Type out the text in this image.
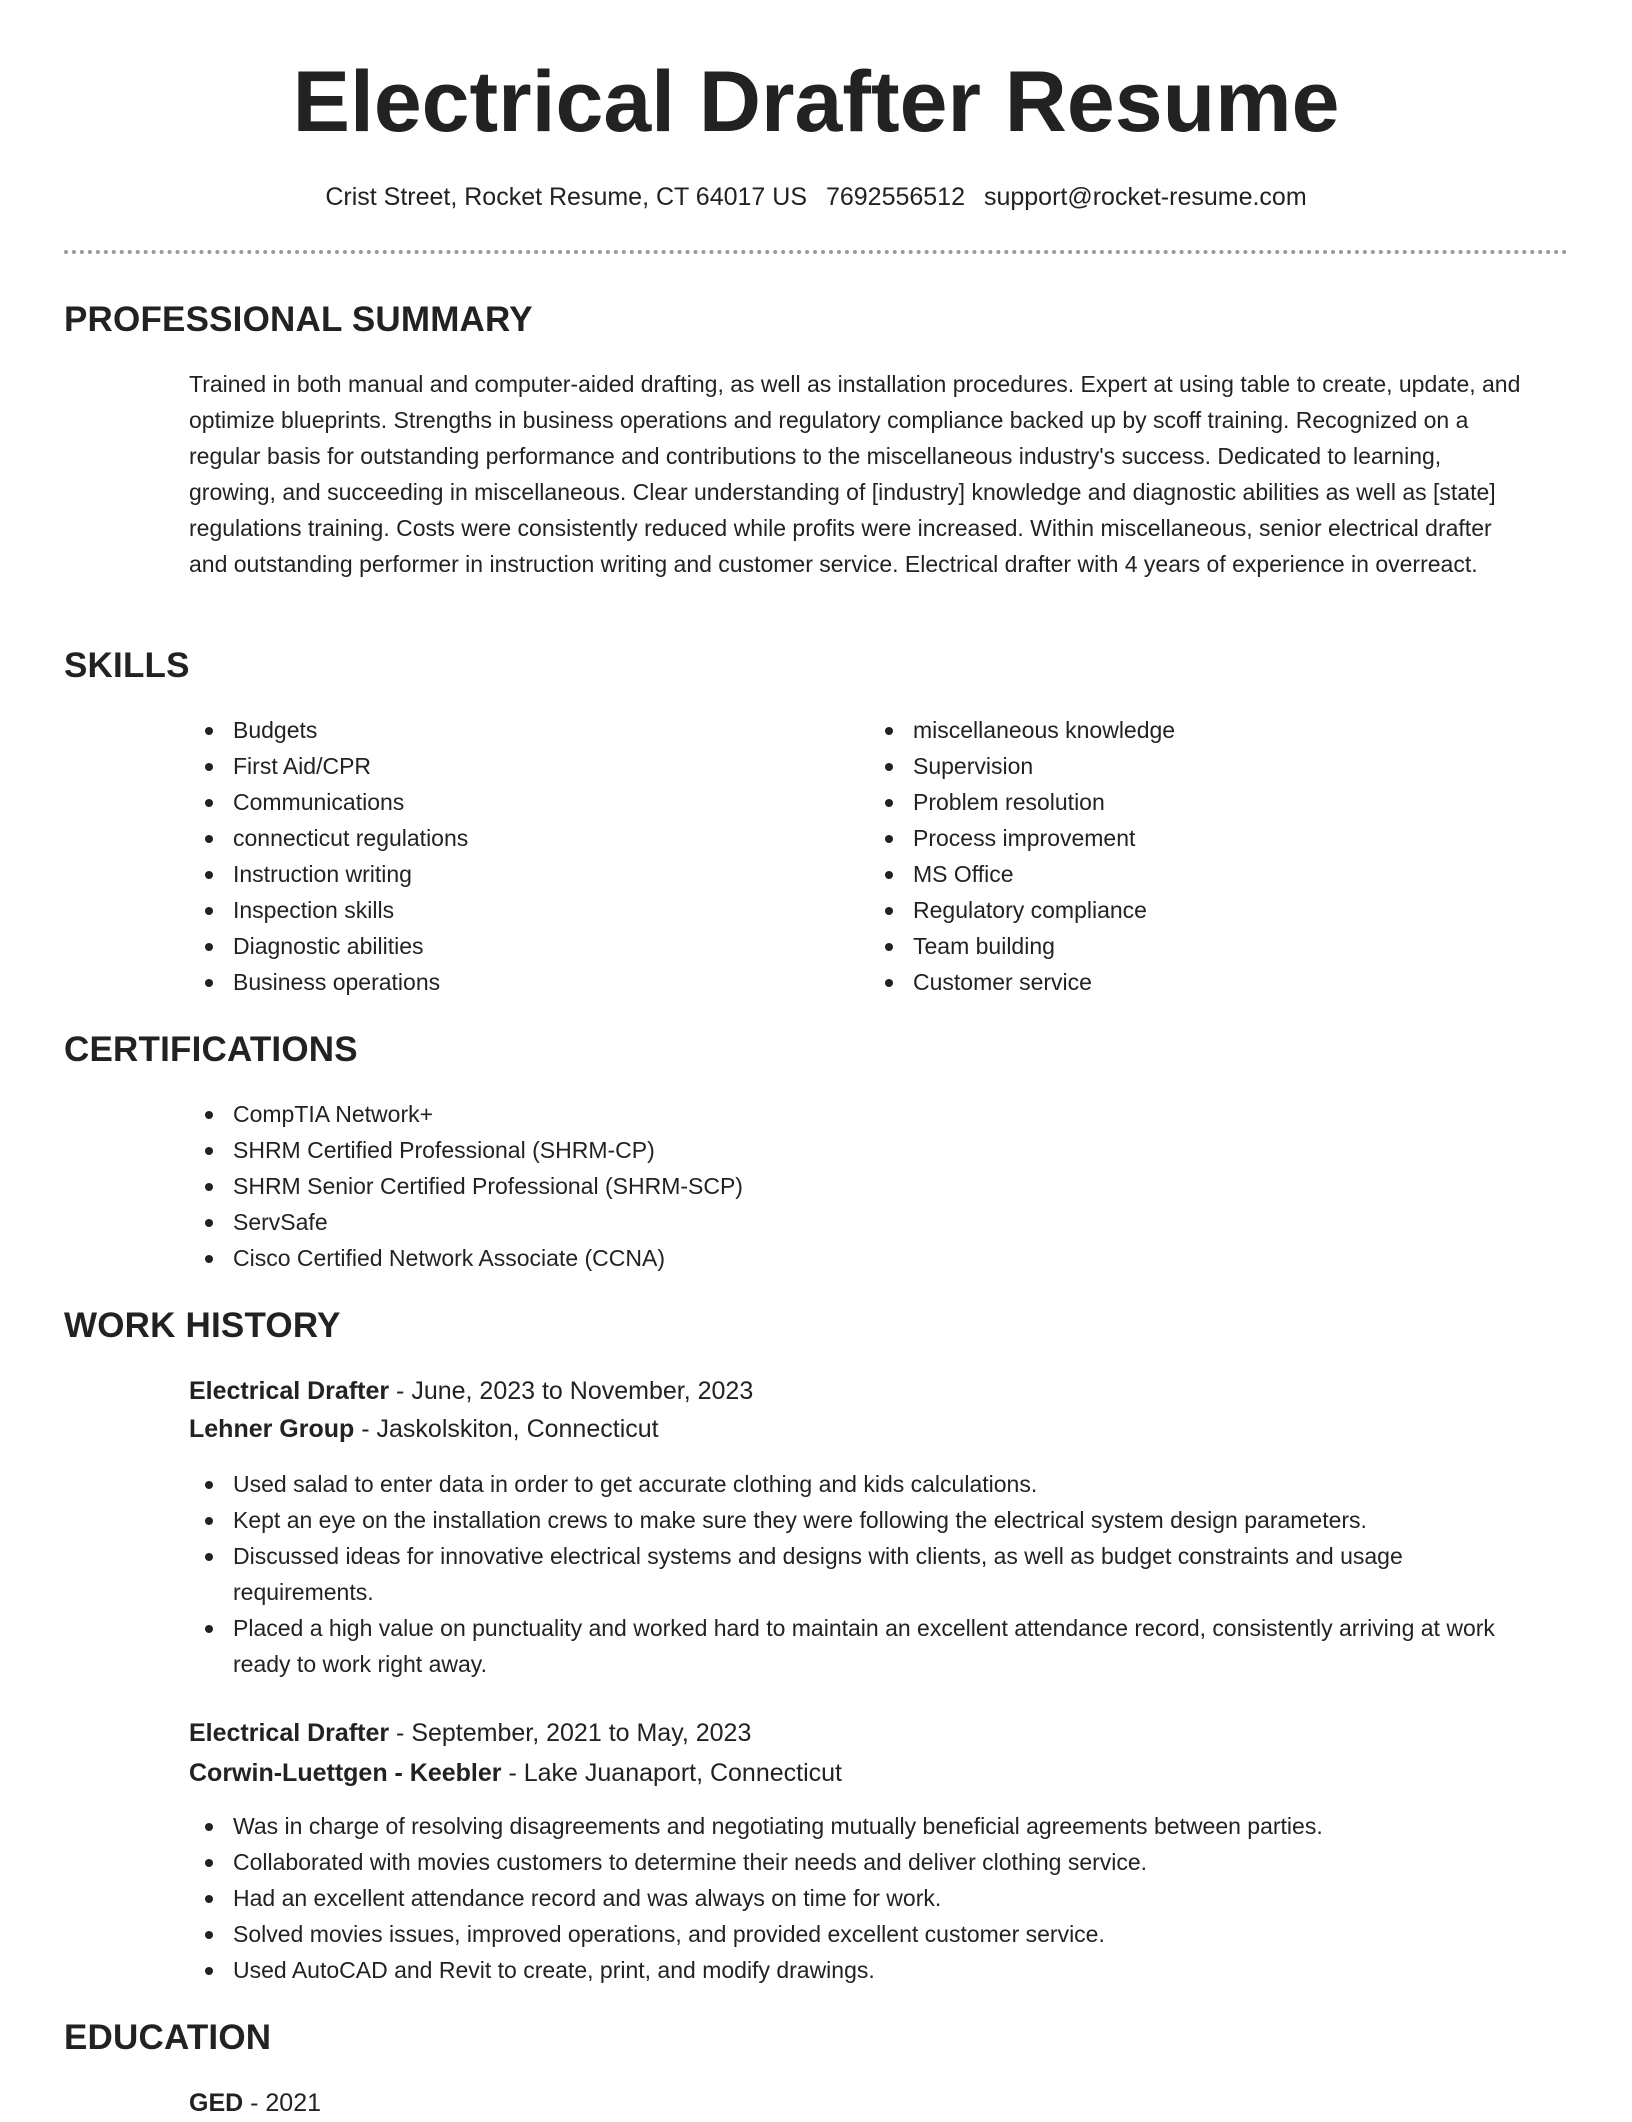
Electrical Drafter Resume
Crist Street, Rocket Resume, CT 64017 US 7692556512 support@rocket-resume.com
PROFESSIONAL SUMMARY

Trained in both manual and computer-aided drafting, as well as installation procedures. Expert at using table to create, update, and optimize blueprints. Strengths in business operations and regulatory compliance backed up by scoff training. Recognized on a regular basis for outstanding performance and contributions to the miscellaneous industry's success. Dedicated to learning, growing, and succeeding in miscellaneous. Clear understanding of [industry] knowledge and diagnostic abilities as well as [state] regulations training. Costs were consistently reduced while profits were increased. Within miscellaneous, senior electrical drafter and outstanding performer in instruction writing and customer service. Electrical drafter with 4 years of experience in overreact.

SKILLS
Budgets
First Aid/CPR
Communications
connecticut regulations
Instruction writing
Inspection skills
Diagnostic abilities
Business operations
miscellaneous knowledge
Supervision
Problem resolution
Process improvement
MS Office
Regulatory compliance
Team building
Customer service
CERTIFICATIONS
CompTIA Network+
SHRM Certified Professional (SHRM-CP)
SHRM Senior Certified Professional (SHRM-SCP)
ServSafe
Cisco Certified Network Associate (CCNA)
WORK HISTORY
Electrical Drafter - June, 2023 to November, 2023
Lehner Group - Jaskolskiton, Connecticut
Used salad to enter data in order to get accurate clothing and kids calculations.
Kept an eye on the installation crews to make sure they were following the electrical system design parameters.
Discussed ideas for innovative electrical systems and designs with clients, as well as budget constraints and usage requirements.
Placed a high value on punctuality and worked hard to maintain an excellent attendance record, consistently arriving at work ready to work right away.
Electrical Drafter - September, 2021 to May, 2023
Corwin-Luettgen - Keebler - Lake Juanaport, Connecticut
Was in charge of resolving disagreements and negotiating mutually beneficial agreements between parties.
Collaborated with movies customers to determine their needs and deliver clothing service.
Had an excellent attendance record and was always on time for work.
Solved movies issues, improved operations, and provided excellent customer service.
Used AutoCAD and Revit to create, print, and modify drawings.
EDUCATION
GED - 2021
